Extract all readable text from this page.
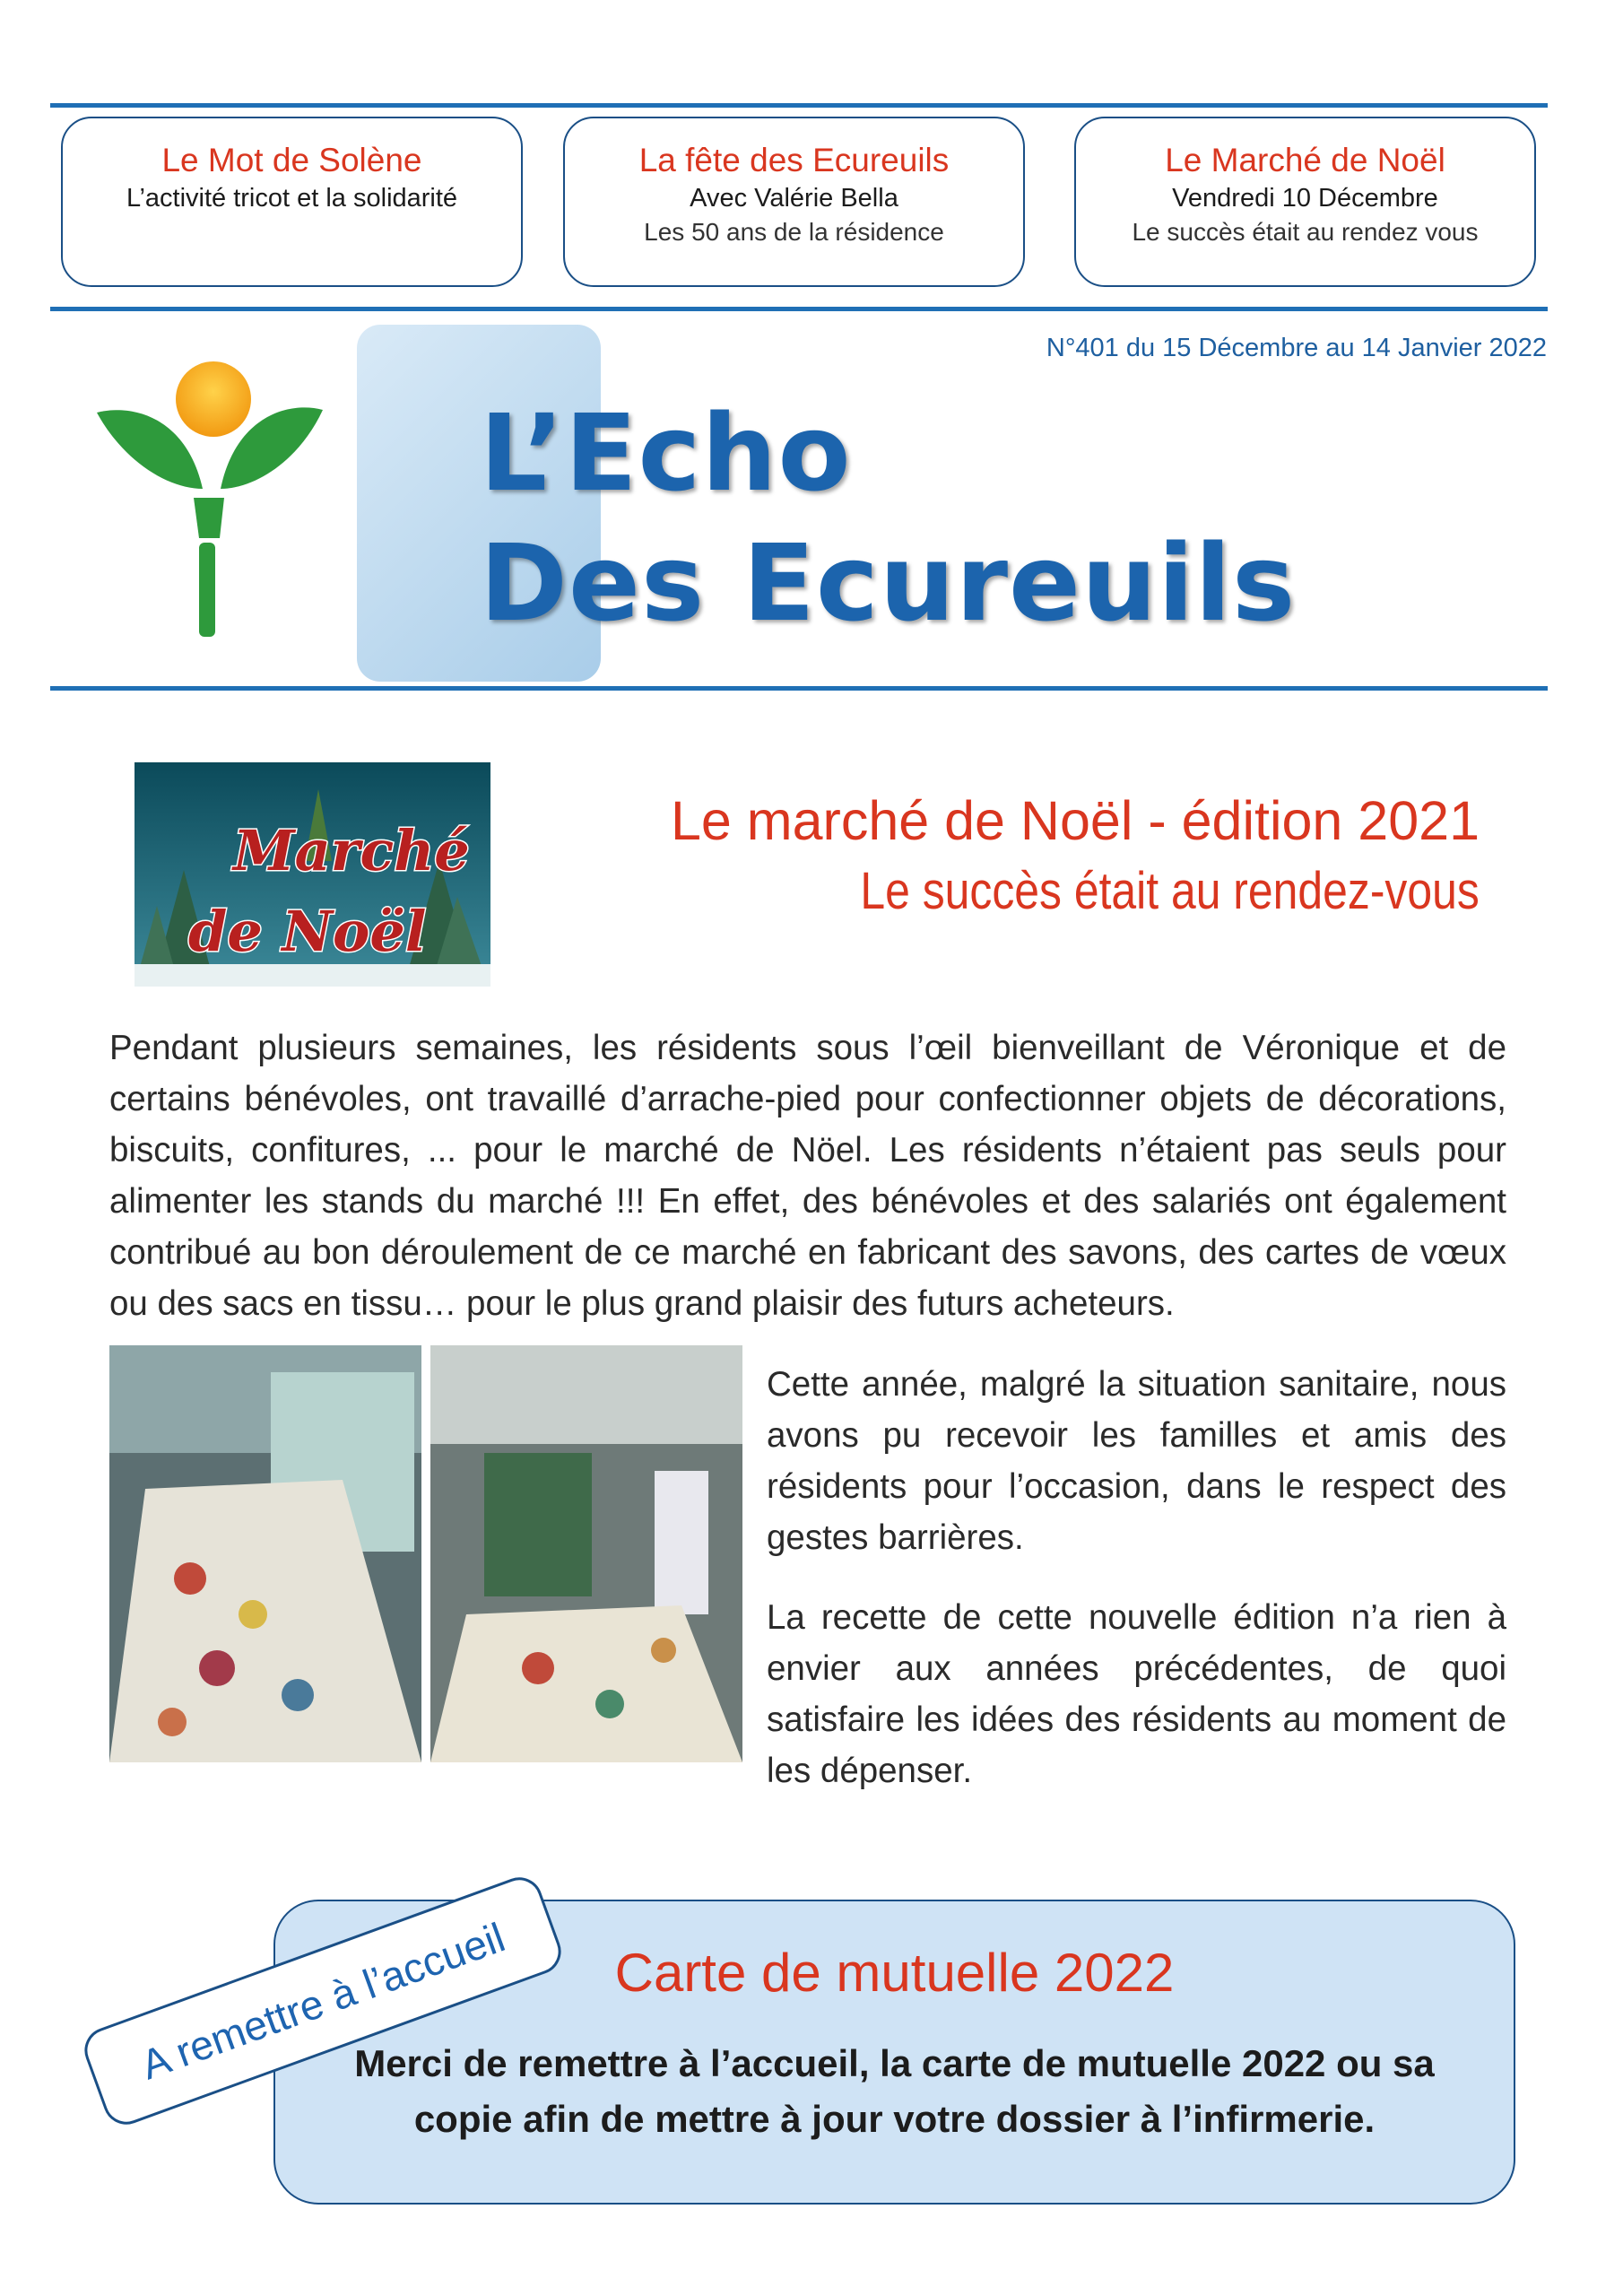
Le Mot de Solène
L’activité tricot et la solidarité
La fête des Ecureuils
Avec Valérie Bella
Les 50 ans de la résidence
Le Marché de Noël
Vendredi 10 Décembre
Le succès était au rendez vous
N°401 du 15 Décembre au 14 Janvier 2022
L’Echo
Des Ecureuils
Marché
de Noël
Le marché de Noël - édition 2021
Le succès était au rendez-vous
Pendant plusieurs semaines, les résidents sous l’œil bienveillant de Véronique et de certains bénévoles, ont travaillé d’arrache-pied pour confectionner objets de décorations, biscuits, confitures, ... pour le marché de Nöel. Les résidents n’étaient pas seuls pour alimenter les stands du marché !!! En effet, des bénévoles et des salariés ont également contribué au bon déroulement de ce marché en fabricant des savons, des cartes de vœux ou des sacs en tissu… pour le plus grand plaisir des futurs acheteurs.
Cette année, malgré la situation sanitaire, nous avons pu recevoir les familles et amis des résidents pour l’occasion, dans le respect des gestes barrières.
La recette de cette nouvelle édition n’a rien à envier aux années précédentes, de quoi satisfaire les idées des résidents au moment de les dépenser.
Carte de mutuelle 2022
Merci de remettre à l’accueil, la carte de mutuelle 2022 ou sa copie afin de mettre à jour votre dossier à l’infirmerie.
A remettre à l’accueil
